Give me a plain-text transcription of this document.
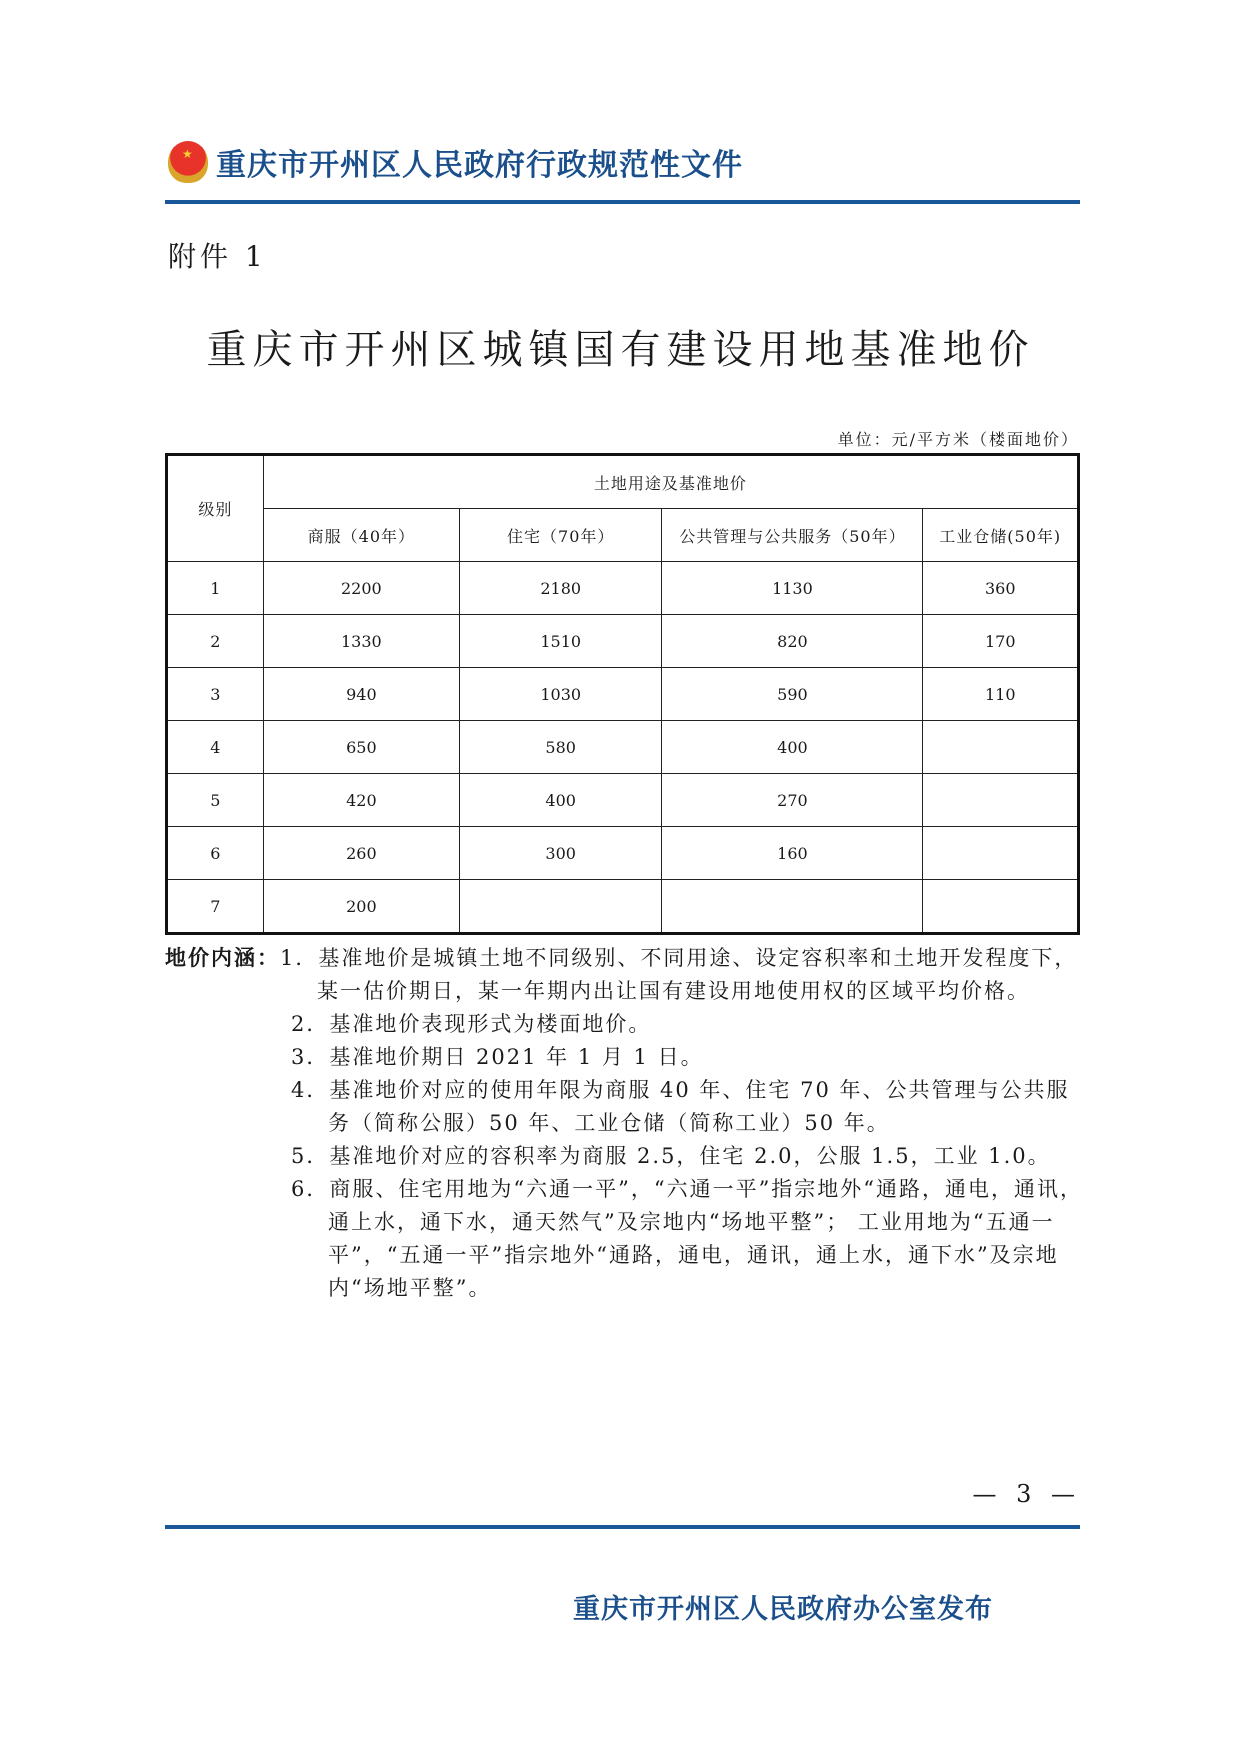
★
重庆市开州区人民政府行政规范性文件
附件 1
重庆市开州区城镇国有建设用地基准地价
单位：元/平方米（楼面地价）
级别	土地用途及基准地价			
	商服（40年）	住宅（70年）	公共管理与公共服务（50年）	工业仓储(50年)
1	2200	2180	1130	360
2	1330	1510	820	170
3	940	1030	590	110
4	650	580	400	
5	420	400	270	
6	260	300	160	
7	200			
地价内涵： 1．基准地价是城镇土地不同级别、不同用途、设定容积率和土地开发程度下，某一估价期日，某一年期内出让国有建设用地使用权的区域平均价格。
2．基准地价表现形式为楼面地价。
3．基准地价期日 2021 年 1 月 1 日。
4．基准地价对应的使用年限为商服 40 年、住宅 70 年、公共管理与公共服务（简称公服）50 年、工业仓储（简称工业）50 年。
5．基准地价对应的容积率为商服 2.5，住宅 2.0，公服 1.5，工业 1.0。
6．商服、住宅用地为“六通一平”，“六通一平”指宗地外“通路，通电，通讯，通上水，通下水，通天然气”及宗地内“场地平整”； 工业用地为“五通一平”，“五通一平”指宗地外“通路，通电，通讯，通上水，通下水”及宗地内“场地平整”。
— 3 —
重庆市开州区人民政府办公室发布
